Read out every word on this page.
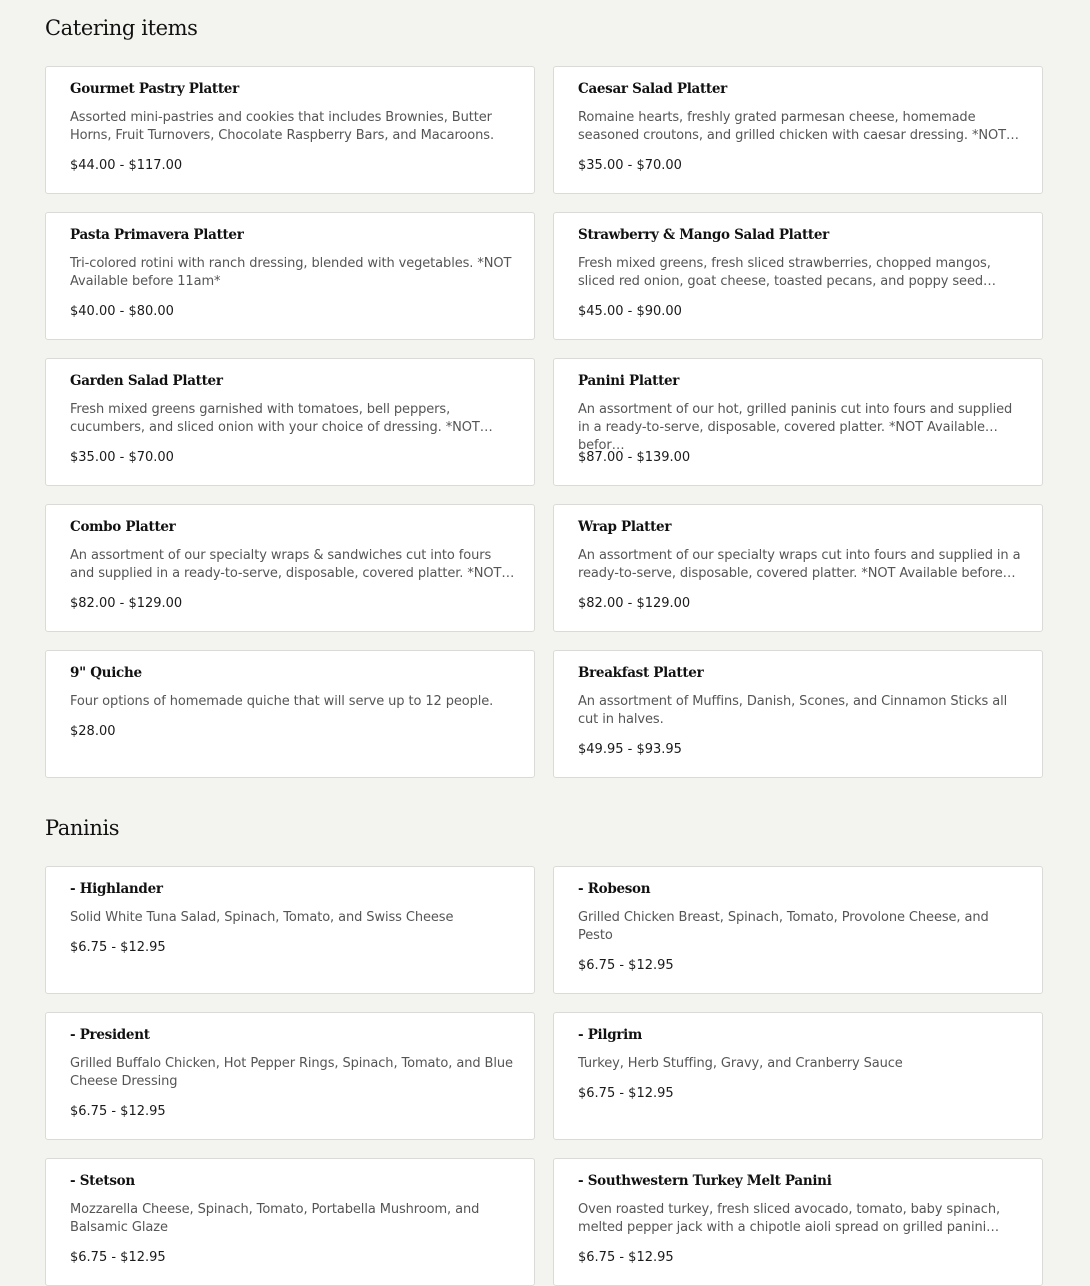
Catering items
Gourmet Pastry Platter

Assorted mini-pastries and cookies that includes Brownies, Butter Horns, Fruit Turnovers, Chocolate Raspberry Bars, and Macaroons.

$44.00 - $117.00

Caesar Salad Platter

Romaine hearts, freshly grated parmesan cheese, homemade seasoned croutons, and grilled chicken with caesar dressing. *NOT…

$35.00 - $70.00

Pasta Primavera Platter

Tri-colored rotini with ranch dressing, blended with vegetables. *NOT Available before 11am*

$40.00 - $80.00

Strawberry & Mango Salad Platter

Fresh mixed greens, fresh sliced strawberries, chopped mangos, sliced red onion, goat cheese, toasted pecans, and poppy seed…

$45.00 - $90.00

Garden Salad Platter

Fresh mixed greens garnished with tomatoes, bell peppers, cucumbers, and sliced onion with your choice of dressing. *NOT…

$35.00 - $70.00

Panini Platter

An assortment of our hot, grilled paninis cut into fours and supplied in a ready-to-serve, disposable, covered platter. *NOT Available befor…

$87.00 - $139.00

Combo Platter

An assortment of our specialty wraps & sandwiches cut into fours and supplied in a ready-to-serve, disposable, covered platter. *NOT…

$82.00 - $129.00

Wrap Platter

An assortment of our specialty wraps cut into fours and supplied in a ready-to-serve, disposable, covered platter. *NOT Available before…

$82.00 - $129.00

9" Quiche

Four options of homemade quiche that will serve up to 12 people.

$28.00

Breakfast Platter

An assortment of Muffins, Danish, Scones, and Cinnamon Sticks all cut in halves.

$49.95 - $93.95

Paninis
- Highlander

Solid White Tuna Salad, Spinach, Tomato, and Swiss Cheese

$6.75 - $12.95

- Robeson

Grilled Chicken Breast, Spinach, Tomato, Provolone Cheese, and Pesto

$6.75 - $12.95

- President

Grilled Buffalo Chicken, Hot Pepper Rings, Spinach, Tomato, and Blue Cheese Dressing

$6.75 - $12.95

- Pilgrim

Turkey, Herb Stuffing, Gravy, and Cranberry Sauce

$6.75 - $12.95

- Stetson

Mozzarella Cheese, Spinach, Tomato, Portabella Mushroom, and Balsamic Glaze

$6.75 - $12.95

- Southwestern Turkey Melt Panini

Oven roasted turkey, fresh sliced avocado, tomato, baby spinach, melted pepper jack with a chipotle aioli spread on grilled panini…

$6.75 - $12.95
